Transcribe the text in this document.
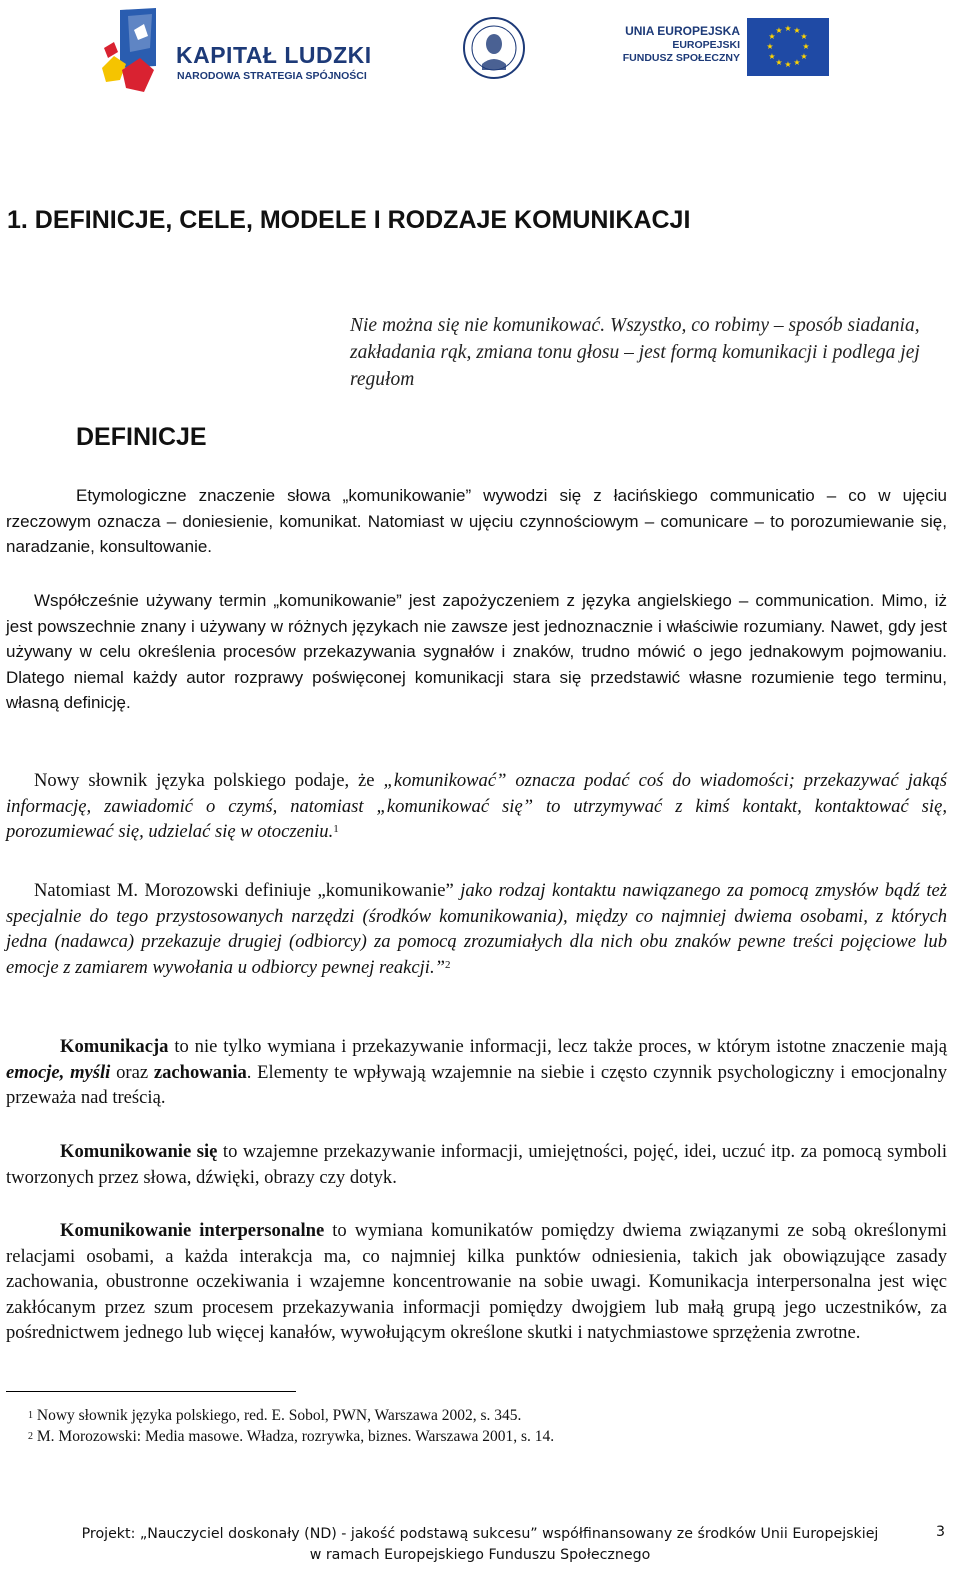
KAPITAŁ LUDZKI
NARODOWA STRATEGIA SPÓJNOŚCI
UNIA EUROPEJSKA
EUROPEJSKI
FUNDUSZ SPOŁECZNY
★ ★
★
★
★
★
★
★
★
★
★
★
1. DEFINICJE, CELE, MODELE I RODZAJE KOMUNIKACJI
Nie można się nie komunikować. Wszystko, co robimy – sposób siadania, zakładania rąk, zmiana tonu głosu – jest formą komunikacji i podlega jej regułom
DEFINICJE
Etymologiczne znaczenie słowa „komunikowanie” wywodzi się z łacińskiego communicatio – co w ujęciu rzeczowym oznacza – doniesienie, komunikat. Natomiast w ujęciu czynnościowym – comunicare – to porozumiewanie się, naradzanie, konsultowanie.
Współcześnie używany termin „komunikowanie” jest zapożyczeniem z języka angielskiego – communication. Mimo, iż jest powszechnie znany i używany w różnych językach nie zawsze jest jednoznacznie i właściwie rozumiany. Nawet, gdy jest używany w celu określenia procesów przekazywania sygnałów i znaków, trudno mówić o jego jednakowym pojmowaniu. Dlatego niemal każdy autor rozprawy poświęconej komunikacji stara się przedstawić własne rozumienie tego terminu, własną definicję.
Nowy słownik języka polskiego podaje, że „komunikować” oznacza podać coś do wiadomości; przekazywać jakąś informację, zawiadomić o czymś, natomiast „komunikować się” to utrzymywać z kimś kontakt, kontaktować się, porozumiewać się, udzielać się w otoczeniu.$^1$
Natomiast M. Morozowski definiuje „komunikowanie” jako rodzaj kontaktu nawiązanego za pomocą zmysłów bądź też specjalnie do tego przystosowanych narzędzi (środków komunikowania), między co najmniej dwiema osobami, z których jedna (nadawca) przekazuje drugiej (odbiorcy) za pomocą zrozumiałych dla nich obu znaków pewne treści pojęciowe lub emocje z zamiarem wywołania u odbiorcy pewnej reakcji.”$^2$
Komunikacja to nie tylko wymiana i przekazywanie informacji, lecz także proces, w którym istotne znaczenie mają emocje, myśli oraz zachowania. Elementy te wpływają wzajemnie na siebie i często czynnik psychologiczny i emocjonalny przeważa nad treścią.
Komunikowanie się to wzajemne przekazywanie informacji, umiejętności, pojęć, idei, uczuć itp. za pomocą symboli tworzonych przez słowa, dźwięki, obrazy czy dotyk.
Komunikowanie interpersonalne to wymiana komunikatów pomiędzy dwiema związanymi ze sobą określonymi relacjami osobami, a każda interakcja ma, co najmniej kilka punktów odniesienia, takich jak obowiązujące zasady zachowania, obustronne oczekiwania i wzajemne koncentrowanie na sobie uwagi. Komunikacja interpersonalna jest więc zakłócanym przez szum procesem przekazywania informacji pomiędzy dwojgiem lub małą grupą jego uczestników, za pośrednictwem jednego lub więcej kanałów, wywołującym określone skutki i natychmiastowe sprzężenia zwrotne.
$^1$ Nowy słownik języka polskiego, red. E. Sobol, PWN, Warszawa 2002, s. 345.
$^2$ M. Morozowski: Media masowe. Władza, rozrywka, biznes. Warszawa 2001, s. 14.
Projekt: „Nauczyciel doskonały (ND) - jakość podstawą sukcesu” współfinansowany ze środków Unii Europejskiej
w ramach Europejskiego Funduszu Społecznego
3
